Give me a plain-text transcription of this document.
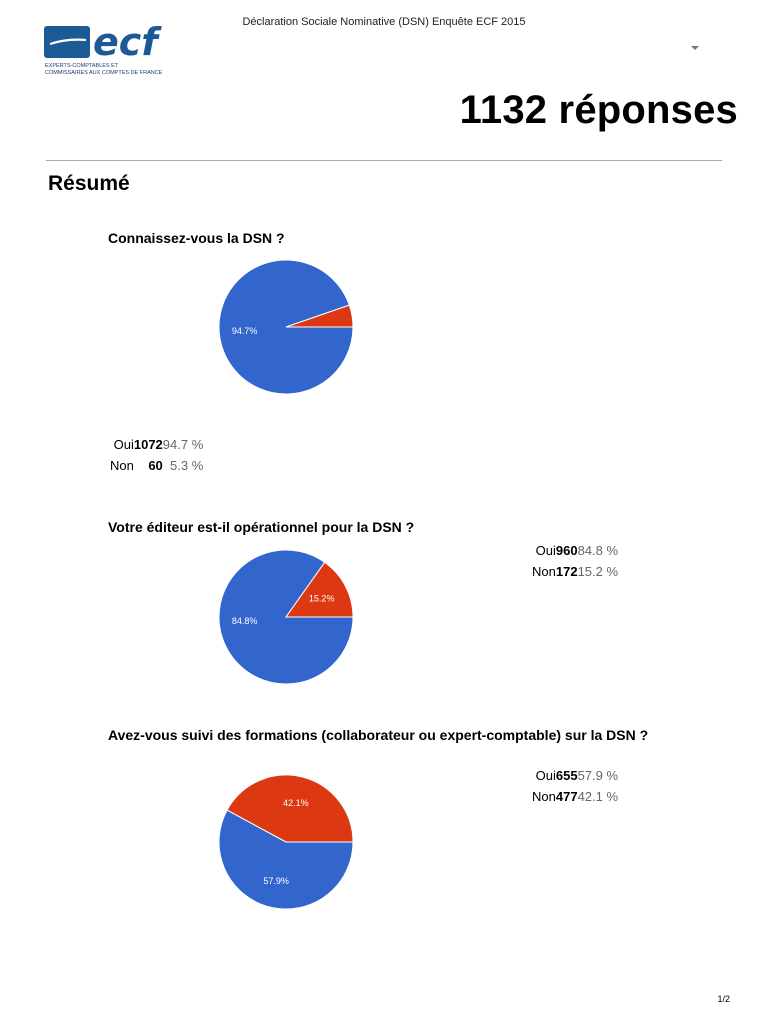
ecf
EXPERTS-COMPTABLES ET
COMMISSAIRES AUX COMPTES DE FRANCE
Déclaration Sociale Nominative (DSN) Enquête ECF 2015
1132 réponses
Résumé
Connaissez-vous la DSN ?
94.7%
Oui	1072	94.7 %
Non	60	5.3 %
Votre éditeur est-il opérationnel pour la DSN ?
84.8%
15.2%
Oui	960	84.8 %
Non	172	15.2 %
Avez-vous suivi des formations (collaborateur ou expert-comptable) sur la DSN ?
57.9%
42.1%
Oui	655	57.9 %
Non	477	42.1 %
1/2
